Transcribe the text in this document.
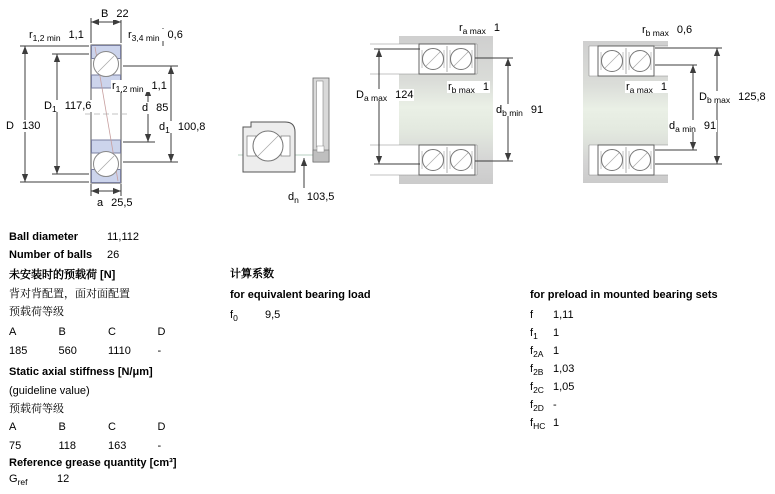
B 22
$r_{1,2 min}$ 1,1	$r_{3,4 min}$ 0,6
$r_{1,2 min}$ 1,1
$D_1$ 117,6
D 130
d 85
$d_1$ 100,8
a 25,5	$d_n$ 103,5
$r_{a max}$ 1
$r_{b max}$ 1
$D_{a max}$ 124
$d_{b min}$ 91
$r_{b max}$ 0,6
$r_{a max}$ 1
$D_{b max}$ 125,8
$d_{a min}$ 91
Ball diameter	11,112
Number of balls 26
未安装时的预载荷 [N]
背对背配置，面对面配置
预载荷等级
A	B	C	D
185	560	1110 -
Static axial stiffness [N/μm]
(guideline value)
预载荷等级
A	B	C	D
75	118	163	-
Reference grease quantity [cm³]
$G_{ref}$	12
计算系数
for equivalent bearing load
$f_0$ 9,5
for preload in mounted bearing sets
f 1,11
$f_1$ 1
$f_{2A}$ 1
$f_{2B}$ 1,03
$f_{2C}$ 1,05
$f_{2D}$ -
$f_{HC}$ 1
